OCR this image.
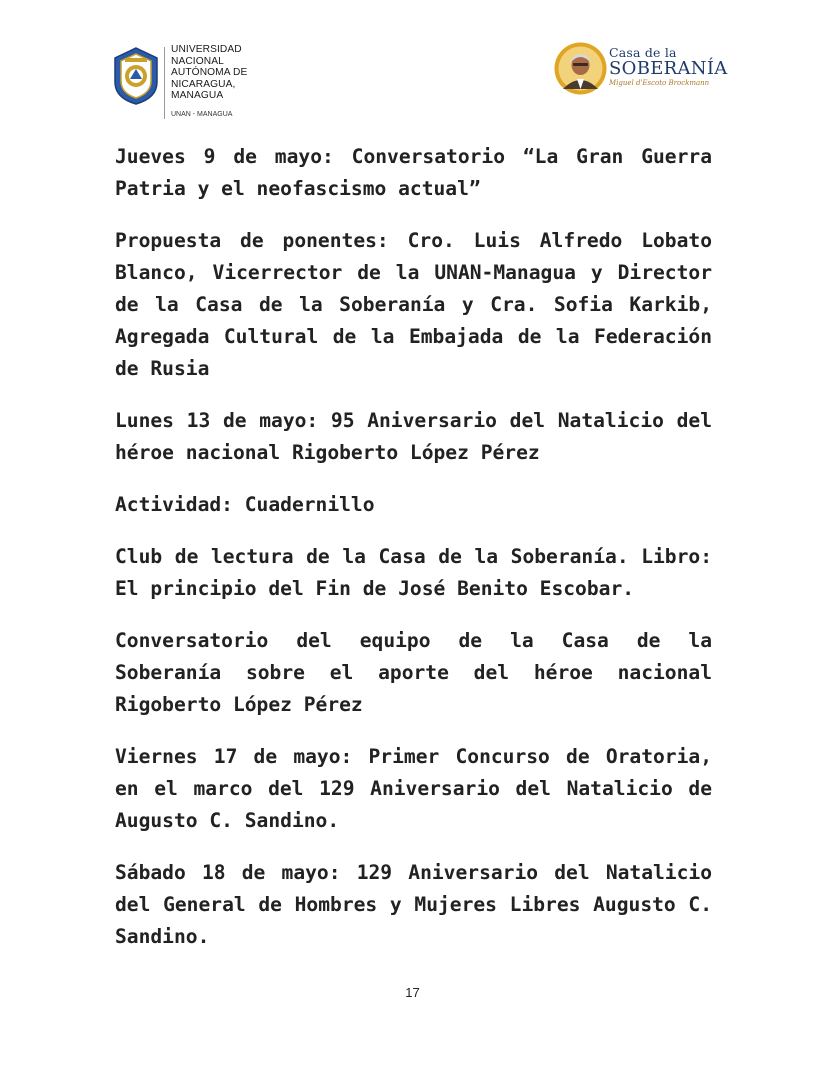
UNIVERSIDAD
NACIONAL
AUTÓNOMA DE
NICARAGUA,
MANAGUA
UNAN - MANAGUA
Casa de la
SOBERANÍA
Miguel d'Escoto Brockmann

Jueves 9 de mayo: Conversatorio “La Gran Guerra Patria y el neofascismo actual”

Propuesta de ponentes: Cro. Luis Alfredo Lobato Blanco, Vicerrector de la UNAN-Managua y Director de la Casa de la Soberanía y Cra. Sofia Karkib, Agregada Cultural de la Embajada de la Federación de Rusia

Lunes 13 de mayo: 95 Aniversario del Natalicio del héroe nacional Rigoberto López Pérez

Actividad: Cuadernillo

Club de lectura de la Casa de la Soberanía. Libro: El principio del Fin de José Benito Escobar.

Conversatorio del equipo de la Casa de la Soberanía sobre el aporte del héroe nacional Rigoberto López Pérez

Viernes 17 de mayo: Primer Concurso de Oratoria, en el marco del 129 Aniversario del Natalicio de Augusto C. Sandino.

Sábado 18 de mayo: 129 Aniversario del Natalicio del General de Hombres y Mujeres Libres Augusto C. Sandino.

17
